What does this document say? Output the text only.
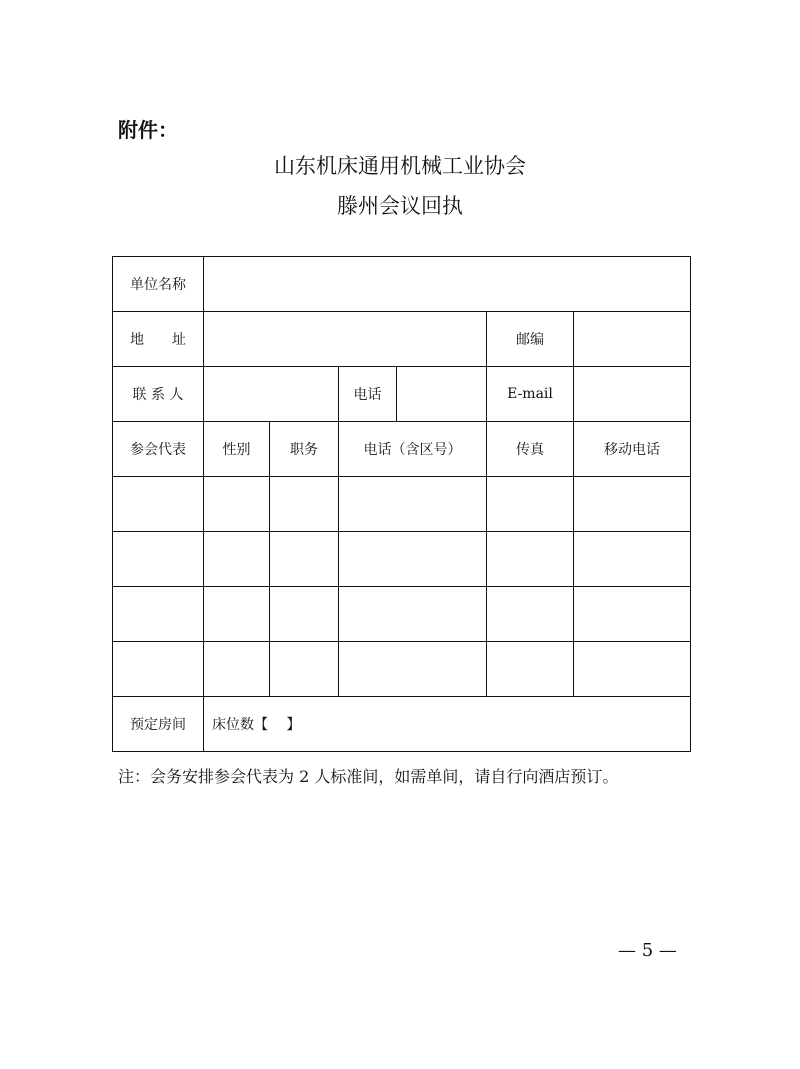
附件：
山东机床通用机械工业协会
滕州会议回执
单位名称						
地　　址					邮编	
联 系 人			电话		E-mail	
参会代表	性别	职务	电话（含区号）		传真	移动电话

预定房间	床位数【　 】					
注：会务安排参会代表为 2 人标准间，如需单间，请自行向酒店预订。
— 5 —
